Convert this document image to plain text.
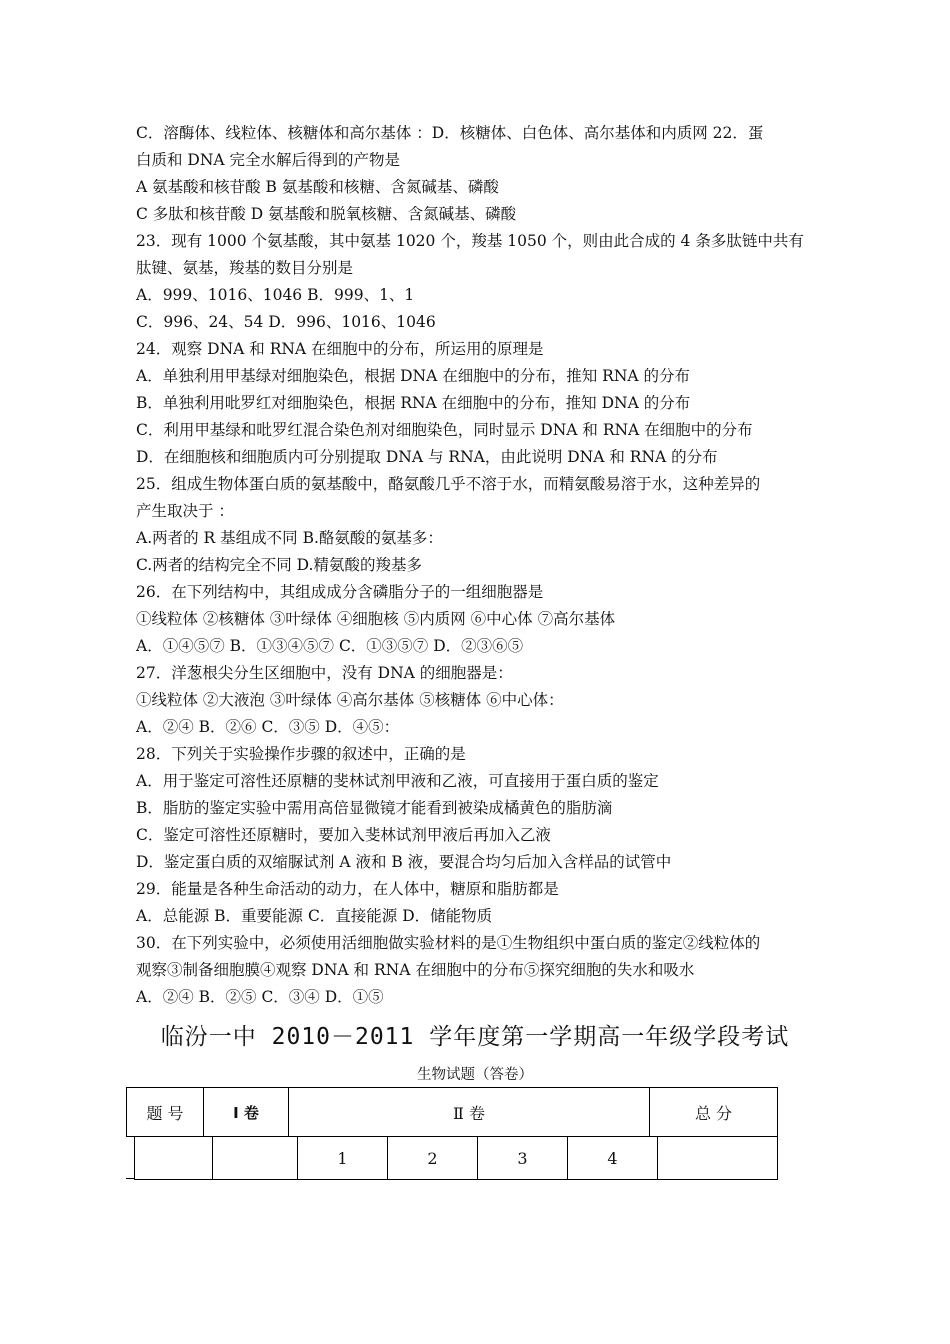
C．溶酶体、线粒体、核糖体和高尔基体 ：D．核糖体、白色体、高尔基体和内质网 22．蛋
白质和 DNA 完全水解后得到的产物是
A 氨基酸和核苷酸 B 氨基酸和核糖、含氮碱基、磷酸
C 多肽和核苷酸 D 氨基酸和脱氧核糖、含氮碱基、磷酸
23．现有 1000 个氨基酸，其中氨基 1020 个，羧基 1050 个，则由此合成的 4 条多肽链中共有
肽键、氨基，羧基的数目分别是
A．999、1016、1046 B．999、1、1
C．996、24、54 D．996、1016、1046
24．观察 DNA 和 RNA 在细胞中的分布，所运用的原理是
A．单独利用甲基绿对细胞染色，根据 DNA 在细胞中的分布，推知 RNA 的分布
B．单独利用吡罗红对细胞染色，根据 RNA 在细胞中的分布，推知 DNA 的分布
C．利用甲基绿和吡罗红混合染色剂对细胞染色，同时显示 DNA 和 RNA 在细胞中的分布
D．在细胞核和细胞质内可分别提取 DNA 与 RNA，由此说明 DNA 和 RNA 的分布
25．组成生物体蛋白质的氨基酸中，酪氨酸几乎不溶于水，而精氨酸易溶于水，这种差异的
产生取决于 ：
A.两者的 R 基组成不同 B.酪氨酸的氨基多：
C.两者的结构完全不同 D.精氨酸的羧基多
26．在下列结构中，其组成成分含磷脂分子的一组细胞器是
①线粒体 ②核糖体 ③叶绿体 ④细胞核 ⑤内质网 ⑥中心体 ⑦高尔基体
A．①④⑤⑦ B．①③④⑤⑦ C．①③⑤⑦ D．②③⑥⑤
27．洋葱根尖分生区细胞中，没有 DNA 的细胞器是：
①线粒体 ②大液泡 ③叶绿体 ④高尔基体 ⑤核糖体 ⑥中心体：
A．②④ B．②⑥ C．③⑤ D．④⑤：
28．下列关于实验操作步骤的叙述中，正确的是
A．用于鉴定可溶性还原糖的斐林试剂甲液和乙液，可直接用于蛋白质的鉴定
B．脂肪的鉴定实验中需用高倍显微镜才能看到被染成橘黄色的脂肪滴
C．鉴定可溶性还原糖时，要加入斐林试剂甲液后再加入乙液
D．鉴定蛋白质的双缩脲试剂 A 液和 B 液，要混合均匀后加入含样品的试管中
29．能量是各种生命活动的动力，在人体中，糖原和脂肪都是
A．总能源 B．重要能源 C．直接能源 D．储能物质
30．在下列实验中，必须使用活细胞做实验材料的是①生物组织中蛋白质的鉴定②线粒体的
观察③制备细胞膜④观察 DNA 和 RNA 在细胞中的分布⑤探究细胞的失水和吸水
A．②④ B．②⑤ C．③④ D．①⑤
临汾一中 2010－2011 学年度第一学期高一年级学段考试
生物试题（答卷）
题 号	Ⅰ 卷	Ⅱ 卷	总 分
		1	2	3	4	
